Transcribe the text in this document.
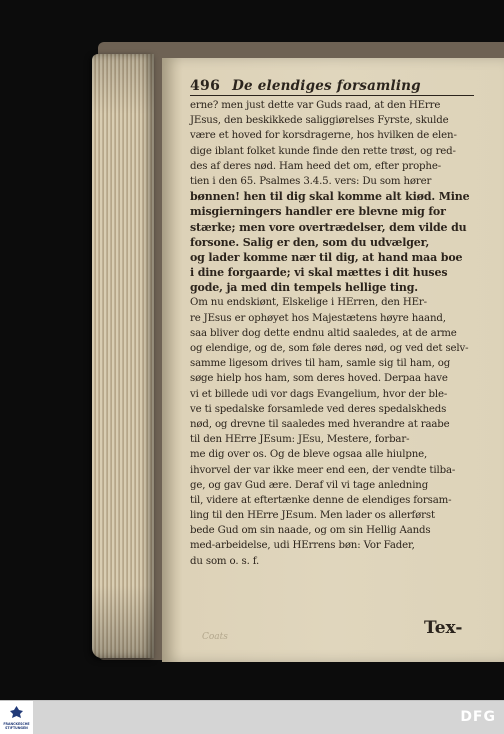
496 De elendiges forsamling
erne? men just dette var Guds raad, at den HErre
JEsus, den beskikkede saliggiørelses Fyrste, skulde
være et hoved for korsdragerne, hos hvilken de elen-
dige iblant folket kunde finde den rette trøst, og red-
des af deres nød. Ham heed det om, efter prophe-
tien i den 65. Psalmes 3.4.5. vers: Du som hører
bønnen! hen til dig skal komme alt kiød. Mine
misgierningers handler ere blevne mig for
stærke; men vore overtrædelser, dem vilde du
forsone. Salig er den, som du udvælger,
og lader komme nær til dig, at hand maa boe
i dine forgaarde; vi skal mættes i dit huses
gode, ja med din tempels hellige ting.
Om nu endskiønt, Elskelige i HErren, den HEr-
re JEsus er ophøyet hos Majestætens høyre haand,
saa bliver dog dette endnu altid saaledes, at de arme
og elendige, og de, som føle deres nød, og ved det selv-
samme ligesom drives til ham, samle sig til ham, og
søge hielp hos ham, som deres hoved. Derpaa have
vi et billede udi vor dags Evangelium, hvor der ble-
ve ti spedalske forsamlede ved deres spedalskheds
nød, og drevne til saaledes med hverandre at raabe
til den HErre JEsum: JEsu, Mestere, forbar-
me dig over os. Og de bleve ogsaa alle hiulpne,
ihvorvel der var ikke meer end een, der vendte tilba-
ge, og gav Gud ære. Deraf vil vi tage anledning
til, videre at eftertænke denne de elendiges forsam-
ling til den HErre JEsum. Men lader os allerførst
bede Gud om sin naade, og om sin Hellig Aands
med-arbeidelse, udi HErrens bøn: Vor Fader,
du som o. s. f.
Coats	Tex-
FRANCKESCHE
STIFTUNGEN
DFG
